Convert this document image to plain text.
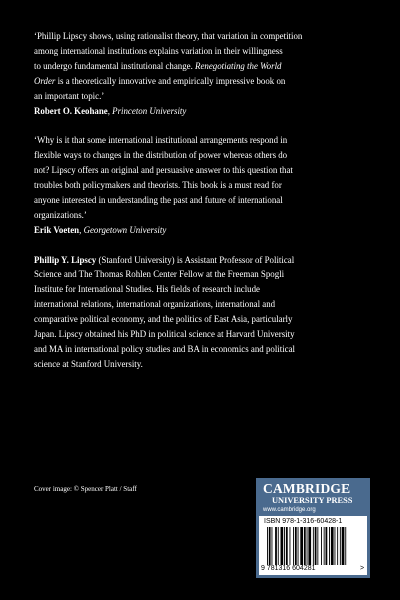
‘Phillip Lipscy shows, using rationalist theory, that variation in competition
among international institutions explains variation in their willingness
to undergo fundamental institutional change. Renegotiating the World
Order is a theoretically innovative and empirically impressive book on
an important topic.’
Robert O. Keohane, Princeton University
‘Why is it that some international institutional arrangements respond in
flexible ways to changes in the distribution of power whereas others do
not? Lipscy offers an original and persuasive answer to this question that
troubles both policymakers and theorists. This book is a must read for
anyone interested in understanding the past and future of international
organizations.’
Erik Voeten, Georgetown University
Phillip Y. Lipscy (Stanford University) is Assistant Professor of Political
Science and The Thomas Rohlen Center Fellow at the Freeman Spogli
Institute for International Studies. His fields of research include
international relations, international organizations, international and
comparative political economy, and the politics of East Asia, particularly
Japan. Lipscy obtained his PhD in political science at Harvard University
and MA in international policy studies and BA in economics and political
science at Stanford University.
Cover image: © Spencer Platt / Staff	CAMBRIDGE
UNIVERSITY PRESS
www.cambridge.org
ISBN 978-1-316-60428-1
9 781316 604281	>
